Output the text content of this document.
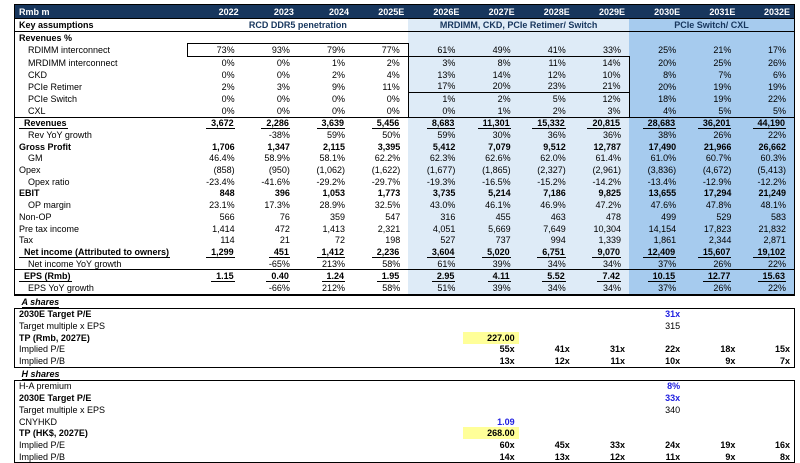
Rmb m	2022	2023	2024	2025E	2026E	2027E	2028E	2029E	2030E	2031E	2032E
Key assumptions	RCD DDR5 penetration				MRDIMM, CKD, PCIe Retimer/ Switch				PCIe Switch/ CXL		
Revenues %											
RDIMM interconnect	73%	93%	79%	77%	61%	49%	41%	33%	25%	21%	17%
MRDIMM interconnect	0%	0%	1%	2%	3%	8%	11%	14%	20%	25%	26%
CKD	0%	0%	2%	4%	13%	14%	12%	10%	8%	7%	6%
PCIe Retimer	2%	3%	9%	11%	17%	20%	23%	21%	20%	19%	19%
PCIe Switch	0%	0%	0%	0%	1%	2%	5%	12%	18%	19%	22%
CXL	0%	0%	0%	0%	0%	1%	2%	3%	4%	5%	5%
Revenues	3,672	2,286	3,639	5,456	8,683	11,301	15,332	20,815	28,683	36,201	44,190
Rev YoY growth		-38%	59%	50%	59%	30%	36%	36%	38%	26%	22%
Gross Profit	1,706	1,347	2,115	3,395	5,412	7,079	9,512	12,787	17,490	21,966	26,662
GM	46.4%	58.9%	58.1%	62.2%	62.3%	62.6%	62.0%	61.4%	61.0%	60.7%	60.3%
Opex	(858)	(950)	(1,062)	(1,622)	(1,677)	(1,865)	(2,327)	(2,961)	(3,836)	(4,672)	(5,413)
Opex ratio	-23.4%	-41.6%	-29.2%	-29.7%	-19.3%	-16.5%	-15.2%	-14.2%	-13.4%	-12.9%	-12.2%
EBIT	848	396	1,053	1,773	3,735	5,214	7,186	9,825	13,655	17,294	21,249
OP margin	23.1%	17.3%	28.9%	32.5%	43.0%	46.1%	46.9%	47.2%	47.6%	47.8%	48.1%
Non-OP	566	76	359	547	316	455	463	478	499	529	583
Pre tax income	1,414	472	1,413	2,321	4,051	5,669	7,649	10,304	14,154	17,823	21,832
Tax	114	21	72	198	527	737	994	1,339	1,861	2,344	2,871
Net income (Attributed to owners)	1,299	451	1,412	2,236	3,604	5,020	6,751	9,070	12,409	15,607	19,102
Net income YoY growth		-65%	213%	58%	61%	39%	34%	34%	37%	26%	22%
EPS (Rmb)	1.15	0.40	1.24	1.95	2.95	4.11	5.52	7.42	10.15	12.77	15.63
EPS YoY growth		-66%	212%	58%	51%	39%	34%	34%	37%	26%	22%
A shares											
2030E Target P/E									31x		
Target multiple x EPS									315		
TP (Rmb, 2027E)						227.00					
Implied P/E						55x	41x	31x	22x	18x	15x
Implied P/B						13x	12x	11x	10x	9x	7x
H shares											
H-A premium									8%		
2030E Target P/E									33x		
Target multiple x EPS									340		
CNYHKD						1.09					
TP (HK$, 2027E)						268.00					
Implied P/E						60x	45x	33x	24x	19x	16x
Implied P/B						14x	13x	12x	11x	9x	8x
